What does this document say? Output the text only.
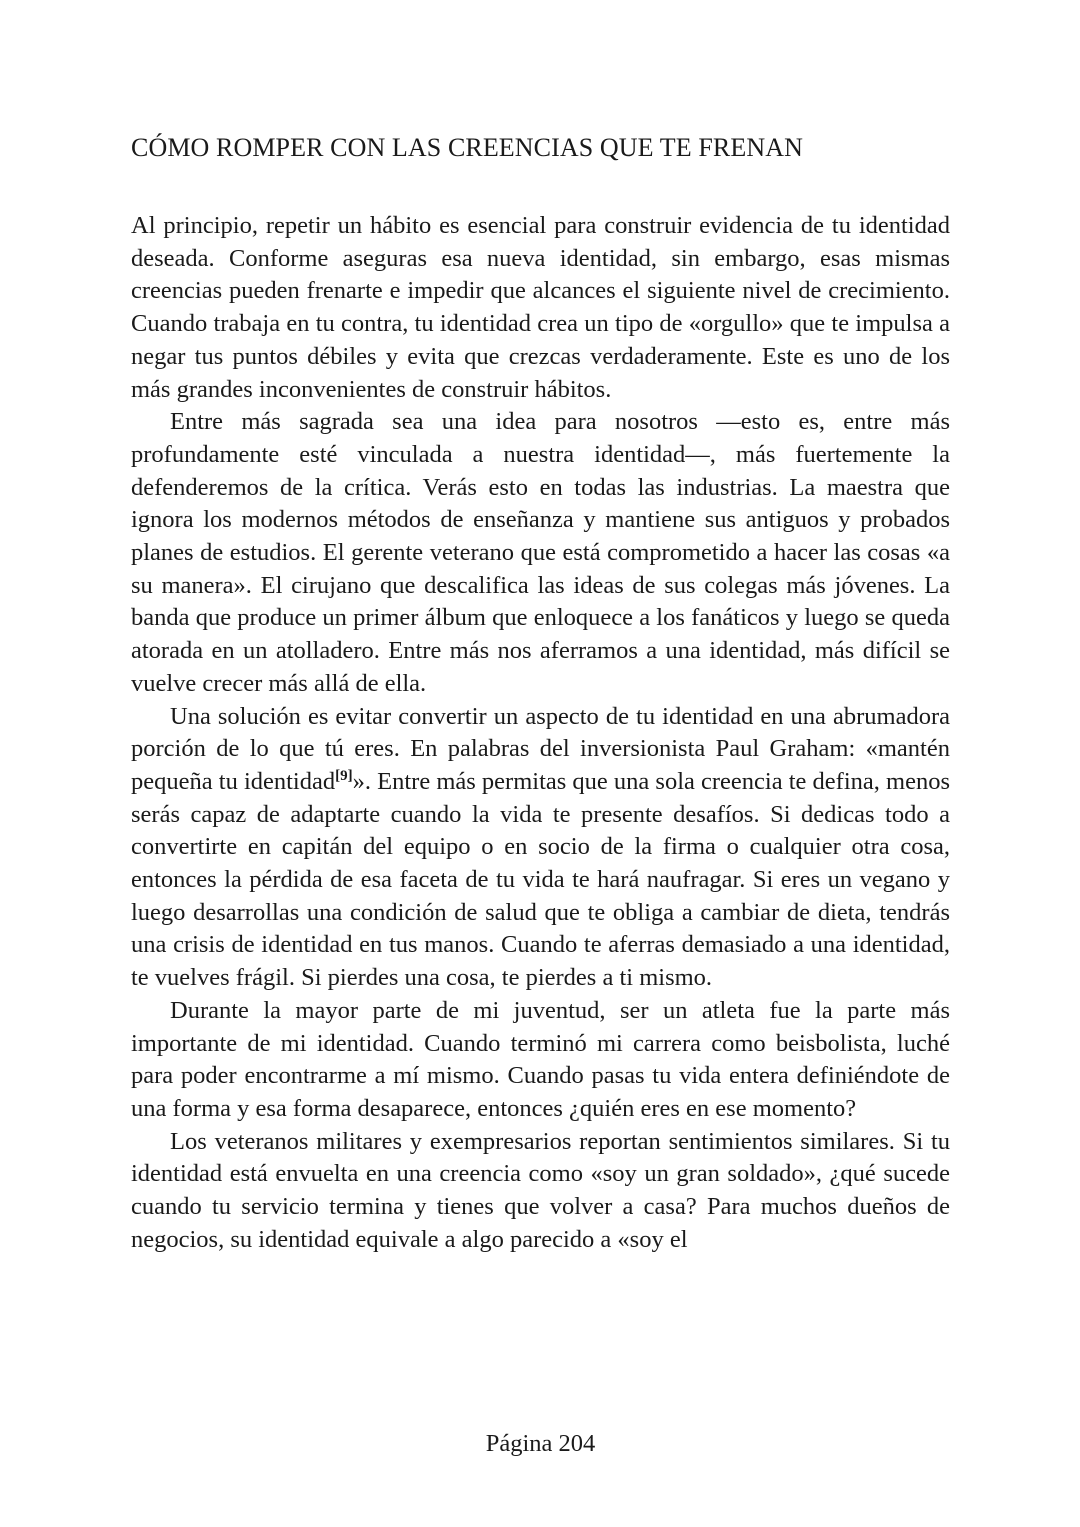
CÓMO ROMPER CON LAS CREENCIAS QUE TE FRENAN

Al principio, repetir un hábito es esencial para construir evidencia de tu identidad deseada. Conforme aseguras esa nueva identidad, sin embargo, esas mismas creencias pueden frenarte e impedir que alcances el siguiente nivel de crecimiento. Cuando trabaja en tu contra, tu identidad crea un tipo de «orgullo» que te impulsa a negar tus puntos débiles y evita que crezcas verdaderamente. Este es uno de los más grandes inconvenientes de construir hábitos.

Entre más sagrada sea una idea para nosotros —esto es, entre más profundamente esté vinculada a nuestra identidad—, más fuertemente la defenderemos de la crítica. Verás esto en todas las industrias. La maestra que ignora los modernos métodos de enseñanza y mantiene sus antiguos y probados planes de estudios. El gerente veterano que está comprometido a hacer las cosas «a su manera». El cirujano que descalifica las ideas de sus colegas más jóvenes. La banda que produce un primer álbum que enloquece a los fanáticos y luego se queda atorada en un atolladero. Entre más nos aferramos a una identidad, más difícil se vuelve crecer más allá de ella.

Una solución es evitar convertir un aspecto de tu identidad en una abrumadora porción de lo que tú eres. En palabras del inversionista Paul Graham: «mantén pequeña tu identidad[9]». Entre más permitas que una sola creencia te defina, menos serás capaz de adaptarte cuando la vida te presente desafíos. Si dedicas todo a convertirte en capitán del equipo o en socio de la firma o cualquier otra cosa, entonces la pérdida de esa faceta de tu vida te hará naufragar. Si eres un vegano y luego desarrollas una condición de salud que te obliga a cambiar de dieta, tendrás una crisis de identidad en tus manos. Cuando te aferras demasiado a una identidad, te vuelves frágil. Si pierdes una cosa, te pierdes a ti mismo.

Durante la mayor parte de mi juventud, ser un atleta fue la parte más importante de mi identidad. Cuando terminó mi carrera como beisbolista, luché para poder encontrarme a mí mismo. Cuando pasas tu vida entera definiéndote de una forma y esa forma desaparece, entonces ¿quién eres en ese momento?

Los veteranos militares y exempresarios reportan sentimientos similares. Si tu identidad está envuelta en una creencia como «soy un gran soldado», ¿qué sucede cuando tu servicio termina y tienes que volver a casa? Para muchos dueños de negocios, su identidad equivale a algo parecido a «soy el

Página 204
